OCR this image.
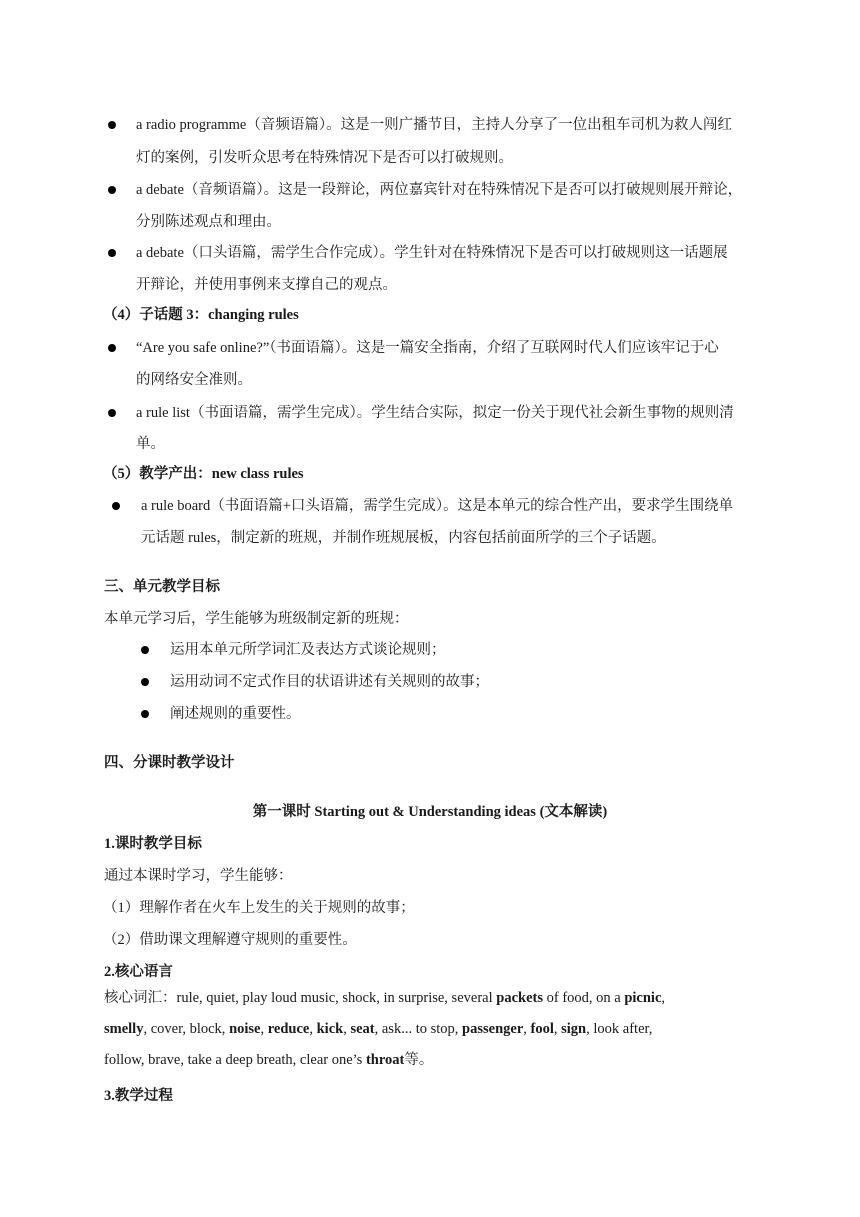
a radio programme（音频语篇）。这是一则广播节目，主持人分享了一位出租车司机为救人闯红
灯的案例，引发听众思考在特殊情况下是否可以打破规则。
a debate（音频语篇）。这是一段辩论，两位嘉宾针对在特殊情况下是否可以打破规则展开辩论，
分别陈述观点和理由。
a debate（口头语篇，需学生合作完成）。学生针对在特殊情况下是否可以打破规则这一话题展
开辩论，并使用事例来支撑自己的观点。
（4）子话题 3：changing rules
“Are you safe online?”（书面语篇）。这是一篇安全指南，介绍了互联网时代人们应该牢记于心
的网络安全准则。
a rule list（书面语篇，需学生完成）。学生结合实际，拟定一份关于现代社会新生事物的规则清
单。
（5）教学产出：new class rules
a rule board（书面语篇+口头语篇，需学生完成）。这是本单元的综合性产出，要求学生围绕单
元话题 rules，制定新的班规，并制作班规展板，内容包括前面所学的三个子话题。
三、单元教学目标
本单元学习后，学生能够为班级制定新的班规：
运用本单元所学词汇及表达方式谈论规则；
运用动词不定式作目的状语讲述有关规则的故事；
阐述规则的重要性。
四、分课时教学设计
第一课时 Starting out & Understanding ideas (文本解读)
1.课时教学目标
通过本课时学习，学生能够：
（1）理解作者在火车上发生的关于规则的故事；
（2）借助课文理解遵守规则的重要性。
2.核心语言
核心词汇：rule, quiet, play loud music, shock, in surprise, several packets of food, on a picnic,
smelly, cover, block, noise, reduce, kick, seat, ask... to stop, passenger, fool, sign, look after,
follow, brave, take a deep breath, clear one’s throat等。
3.教学过程
